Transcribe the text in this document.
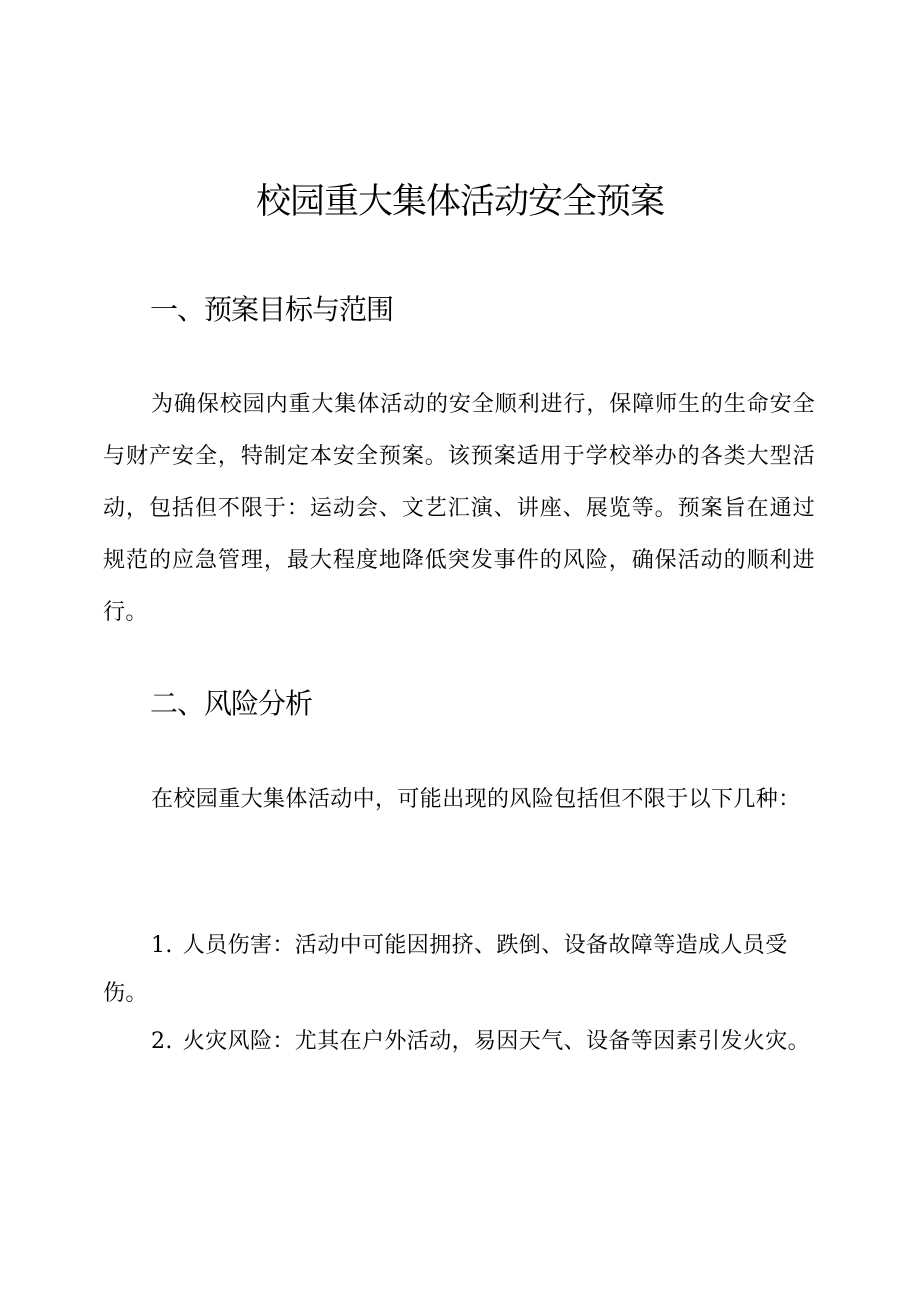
校园重大集体活动安全预案
一、预案目标与范围

为确保校园内重大集体活动的安全顺利进行，保障师生的生命安全与财产安全，特制定本安全预案。该预案适用于学校举办的各类大型活动，包括但不限于：运动会、文艺汇演、讲座、展览等。预案旨在通过规范的应急管理，最大程度地降低突发事件的风险，确保活动的顺利进行。

二、风险分析

在校园重大集体活动中，可能出现的风险包括但不限于以下几种：

1. 人员伤害：活动中可能因拥挤、跌倒、设备故障等造成人员受伤。

2. 火灾风险：尤其在户外活动，易因天气、设备等因素引发火灾。
